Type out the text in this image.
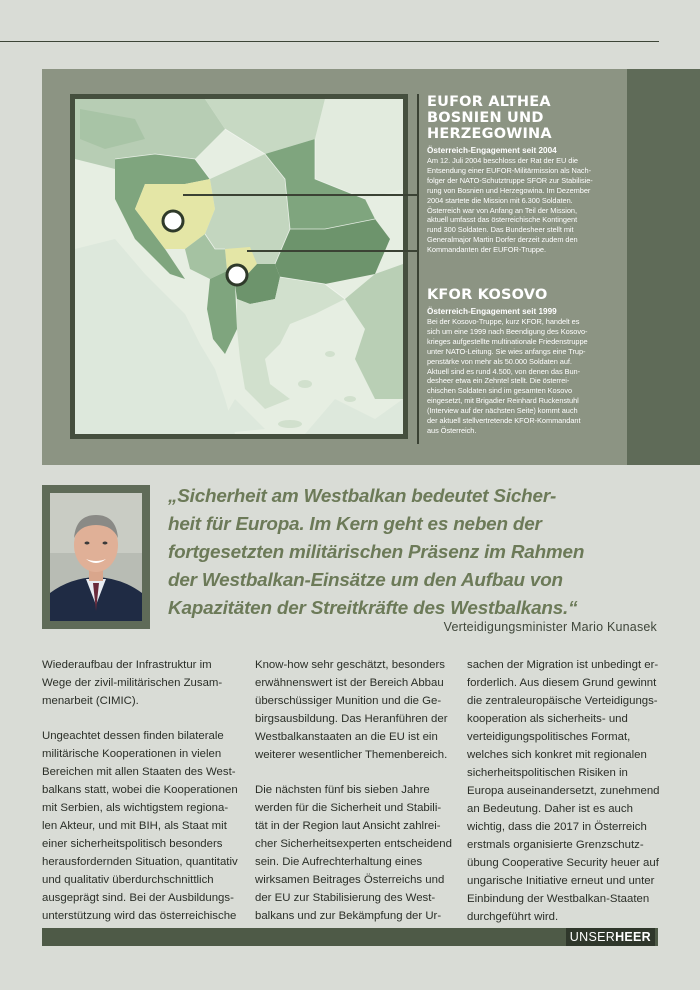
EUFOR ALTHEA
BOSNIEN UND
HERZEGOWINA
Österreich-Engagement seit 2004
Am 12. Juli 2004 beschloss der Rat der EU die
Entsendung einer EUFOR-Militärmission als Nach-
folger der NATO-Schutztruppe SFOR zur Stabilisie-
rung von Bosnien und Herzegowina. Im Dezember
2004 startete die Mission mit 6.300 Soldaten.
Österreich war von Anfang an Teil der Mission,
aktuell umfasst das österreichische Kontingent
rund 300 Soldaten. Das Bundesheer stellt mit
Generalmajor Martin Dorfer derzeit zudem den
Kommandanten der EUFOR-Truppe.
KFOR KOSOVO
Österreich-Engagement seit 1999
Bei der Kosovo-Truppe, kurz KFOR, handelt es
sich um eine 1999 nach Beendigung des Kosovo-
krieges aufgestellte multinationale Friedenstruppe
unter NATO-Leitung. Sie wies anfangs eine Trup-
penstärke von mehr als 50.000 Soldaten auf.
Aktuell sind es rund 4.500, von denen das Bun-
desheer etwa ein Zehntel stellt. Die österrei-
chischen Soldaten sind im gesamten Kosovo
eingesetzt, mit Brigadier Reinhard Ruckenstuhl
(Interview auf der nächsten Seite) kommt auch
der aktuell stellvertretende KFOR-Kommandant
aus Österreich.
„Sicherheit am Westbalkan bedeutet Sicher-
heit für Europa. Im Kern geht es neben der
fortgesetzten militärischen Präsenz im Rahmen
der Westbalkan-Einsätze um den Aufbau von
Kapazitäten der Streitkräfte des Westbalkans.“
Verteidigungsminister Mario Kunasek

Wiederaufbau der Infrastruktur im
Wege der zivil-militärischen Zusam-
menarbeit (CIMIC).

Ungeachtet dessen finden bilaterale
militärische Kooperationen in vielen
Bereichen mit allen Staaten des West-
balkans statt, wobei die Kooperationen
mit Serbien, als wichtigstem regiona-
len Akteur, und mit BIH, als Staat mit
einer sicherheitspolitisch besonders
herausfordernden Situation, quantitativ
und qualitativ überdurchschnittlich
ausgeprägt sind. Bei der Ausbildungs-
unterstützung wird das österreichische

Know-how sehr geschätzt, besonders
erwähnenswert ist der Bereich Abbau
überschüssiger Munition und die Ge-
birgsausbildung. Das Heranführen der
Westbalkanstaaten an die EU ist ein
weiterer wesentlicher Themenbereich.

Die nächsten fünf bis sieben Jahre
werden für die Sicherheit und Stabili-
tät in der Region laut Ansicht zahlrei-
cher Sicherheitsexperten entscheidend
sein. Die Aufrechterhaltung eines
wirksamen Beitrages Österreichs und
der EU zur Stabilisierung des West-
balkans und zur Bekämpfung der Ur-

sachen der Migration ist unbedingt er-
forderlich. Aus diesem Grund gewinnt
die zentraleuropäische Verteidigungs-
kooperation als sicherheits- und
verteidigungspolitisches Format,
welches sich konkret mit regionalen
sicherheitspolitischen Risiken in
Europa auseinandersetzt, zunehmend
an Bedeutung. Daher ist es auch
wichtig, dass die 2017 in Österreich
erstmals organisierte Grenzschutz-
übung Cooperative Security heuer auf
ungarische Initiative erneut und unter
Einbindung der Westbalkan-Staaten
durchgeführt wird.

UNSERHEER
